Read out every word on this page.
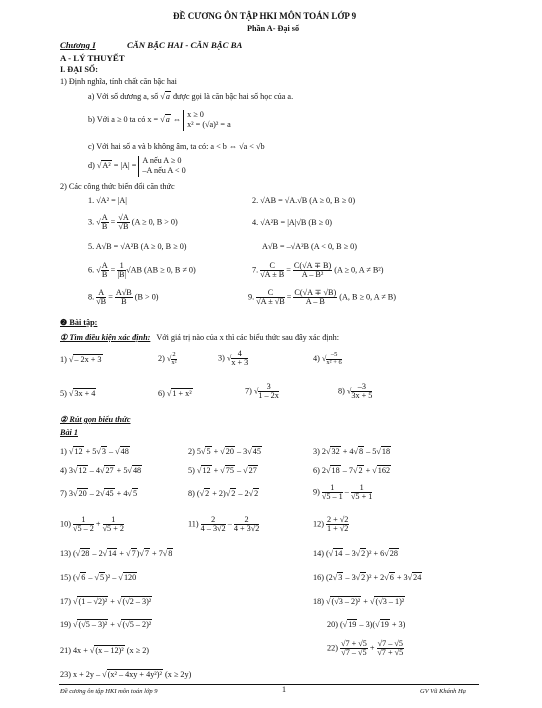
ĐỀ CƯƠNG ÔN TẬP HKI MÔN TOÁN LỚP 9
Phần A- Đại số
Chương I	CĂN BẬC HAI - CĂN BẬC BA
A - LÝ THUYẾT
I. ĐẠI SỐ:
1) Định nghĩa, tính chất căn bậc hai
a) Với số dương a, số √a được gọi là căn bậc hai số học của a.
b) Với a ≥ 0 ta có x = √a ⇔
x ≥ 0
x² = (√a)² = a
c) Với hai số a và b không âm, ta có: a < b ⇔ √a < √b
d) √A² = |A| =
A nếu A ≥ 0
–A nếu A < 0
2) Các công thức biến đổi căn thức
1. √A² = |A|	2. √AB = √A.√B (A ≥ 0, B ≥ 0)
3. √ $\frac{A}{B} = \frac{√A}{√B} (A \ge 0$, B > 0)	4. √A²B = |A|√B (B ≥ 0)
5. A√B = √A²B (A ≥ 0, B ≥ 0)	A√B = –√A²B (A < 0, B ≥ 0)
6. √ $\frac{A}{B} = \frac{1}{|B|} √AB$ (AB ≥ 0, B ≠ 0)	7. $\frac{C}{√A \pm B} = \frac{C(√A \mp B)}{\text{A – B²}} (A \ge 0$, A ≠ B²)
8. $\frac{A}{√B} = \frac{A√B}{B} (B > 0)$	9. $\frac{C}{√A \pm √B} = \frac{C(√A \mp √B)}{A - B} (A$, B ≥ 0, A ≠ B)
❷ Bài tập:
① Tìm điều kiện xác định: Với giá trị nào của x thì các biểu thức sau đây xác định:
1) √– 2x + 3	2) √ $\frac{2}{\text{x²}}$	3) √ $\frac{4}{x + 3}$	4) √ $\frac{-5}{\text{x² + 6}}$
5) √3x + 4	6) √1 + x²	7) √ $\frac{3}{1 - 2x}$	8) √ $\frac{-3}{3x + 5}$
② Rút gọn biểu thức
Bài 1
1) √12 + 5√3 – √48	2) 5√5 + √20 – 3√45	3) 2√32 + 4√8 – 5√18
4) 3√12 – 4√27 + 5√48	5) √12 + √75 – √27	6) 2√18 – 7√2 + √162
7) 3√20 – 2√45 + 4√5	8) (√2 + 2)√2 – 2√2	$9) \frac{1}{√5 - 1} - \frac{1}{√5 + 1}$
$10) \frac{1}{√5 - 2} + \frac{1}{√5 + 2}$	$11) \frac{2}{4 - 3√2} - \frac{2}{4 + 3√2}$	$12) \frac{2 + √2}{1 + √2}$
13) (√28 – 2√14 + √7)√7 + 7√8	14) (√14 – 3√2)² + 6√28
15) (√6 – √5)² – √120	16) (2√3 – 3√2)² + 2√6 + 3√24
17) √(1 – √2)² + √(√2 – 3)²	18) √(√3 – 2)² + √(√3 – 1)²
19) √(√5 – 3)² + √(√5 – 2)²	20) (√19 – 3)(√19 + 3)
21) 4x + √(x – 12)² (x ≥ 2)	$22) \frac{√7 + √5}{√7 - √5} + \frac{√7 - √5}{√7 + √5}$
23) x + 2y – √(x² – 4xy + 4y²)² (x ≥ 2y)
Đề cương ôn tập HKI môn toán lớp 9	1	GV Vũ Khánh Hạ
